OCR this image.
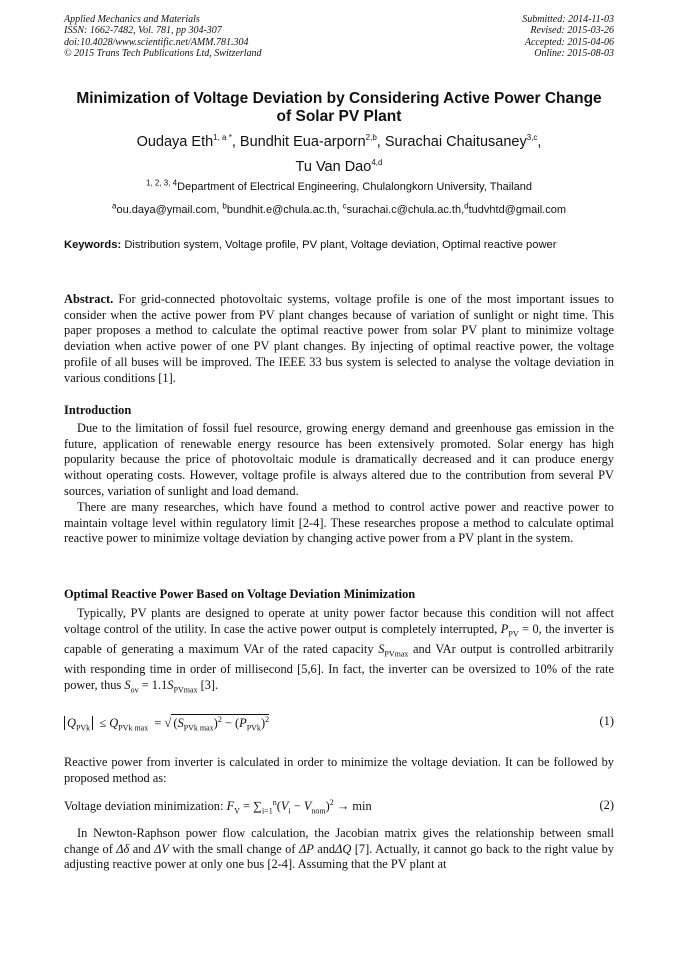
Applied Mechanics and Materials
ISSN: 1662-7482, Vol. 781, pp 304-307
doi:10.4028/www.scientific.net/AMM.781.304
© 2015 Trans Tech Publications Ltd, Switzerland
Submitted: 2014-11-03
Revised: 2015-03-26
Accepted: 2015-04-06
Online: 2015-08-03
Minimization of Voltage Deviation by Considering Active Power Change
of Solar PV Plant
Oudaya Eth$^{1, a *}$, Bundhit Eua-arporn$^{2,b}$, Surachai Chaitusaney$^{3,c}$,
Tu Van Dao$^{4,d}$
$^{1, 2, 3, 4}$Department of Electrical Engineering, Chulalongkorn University, Thailand
$^a$ou.daya@ymail.com, $^b$bundhit.e@chula.ac.th, $^c$surachai.c@chula.ac.th,$^d$tudvhtd@gmail.com
Keywords: Distribution system, Voltage profile, PV plant, Voltage deviation, Optimal reactive power
Abstract. For grid-connected photovoltaic systems, voltage profile is one of the most important issues to consider when the active power from PV plant changes because of variation of sunlight or night time. This paper proposes a method to calculate the optimal reactive power from solar PV plant to minimize voltage deviation when active power of one PV plant changes. By injecting of optimal reactive power, the voltage profile of all buses will be improved. The IEEE 33 bus system is selected to analyse the voltage deviation in various conditions [1].
Introduction
Due to the limitation of fossil fuel resource, growing energy demand and greenhouse gas emission in the future, application of renewable energy resource has been extensively promoted. Solar energy has high popularity because the price of photovoltaic module is dramatically decreased and it can produce energy without operating costs. However, voltage profile is always altered due to the contribution from several PV sources, variation of sunlight and load demand.
There are many researches, which have found a method to control active power and reactive power to maintain voltage level within regulatory limit [2-4]. These researches propose a method to calculate optimal reactive power to minimize voltage deviation by changing active power from a PV plant in the system.
Optimal Reactive Power Based on Voltage Deviation Minimization
Typically, PV plants are designed to operate at unity power factor because this condition will not affect voltage control of the utility. In case the active power output is completely interrupted, $P_{PV} = 0$, the inverter is capable of generating a maximum VAr of the rated capacity $S_{PVmax}$ and VAr output is controlled arbitrarily with responding time in order of millisecond [5,6]. In fact, the inverter can be oversized to 10% of the rate power, thus $S_{ov} = 1.1S_{PVmax}$ [3].
$Q_{PVk} \le Q_{PVk max}$  = √ $(S_{PVk max})^2 - (P_{PVk})^2$	(1)
Reactive power from inverter is calculated in order to minimize the voltage deviation. It can be followed by proposed method as:
Voltage deviation minimization: $F_V = \sum_{i=1}^n(V_i - V_{nom})^2 \to \min$	(2)
In Newton-Raphson power flow calculation, the Jacobian matrix gives the relationship between small change of Δδ and ΔV with the small change of ΔP andΔQ [7]. Actually, it cannot go back to the right value by adjusting reactive power at only one bus [2-4]. Assuming that the PV plant at
